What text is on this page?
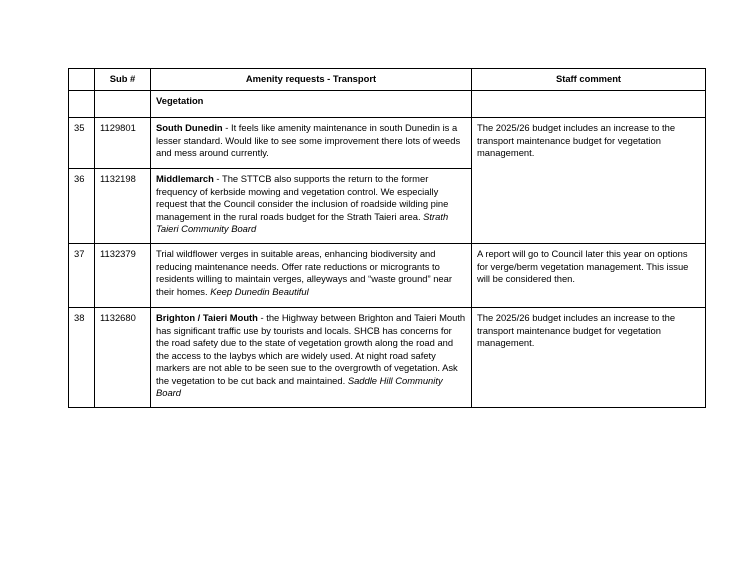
	Sub #	Amenity requests - Transport	Staff comment
		Vegetation	
35	1129801	South Dunedin - It feels like amenity maintenance in south Dunedin is a lesser standard. Would like to see some improvement there lots of weeds and mess around currently.	The 2025/26 budget includes an increase to the transport maintenance budget for vegetation management.
36	1132198	Middlemarch - The STTCB also supports the return to the former frequency of kerbside mowing and vegetation control. We especially request that the Council consider the inclusion of roadside wilding pine management in the rural roads budget for the Strath Taieri area. Strath Taieri Community Board	
37	1132379	Trial wildflower verges in suitable areas, enhancing biodiversity and reducing maintenance needs. Offer rate reductions or microgrants to residents willing to maintain verges, alleyways and “waste ground” near their homes. Keep Dunedin Beautiful	A report will go to Council later this year on options for verge/berm vegetation management. This issue will be considered then.
38	1132680	Brighton / Taieri Mouth - the Highway between Brighton and Taieri Mouth has significant traffic use by tourists and locals. SHCB has concerns for the road safety due to the state of vegetation growth along the road and the access to the laybys which are widely used. At night road safety markers are not able to be seen sue to the overgrowth of vegetation. Ask the vegetation to be cut back and maintained. Saddle Hill Community Board	The 2025/26 budget includes an increase to the transport maintenance budget for vegetation management.
